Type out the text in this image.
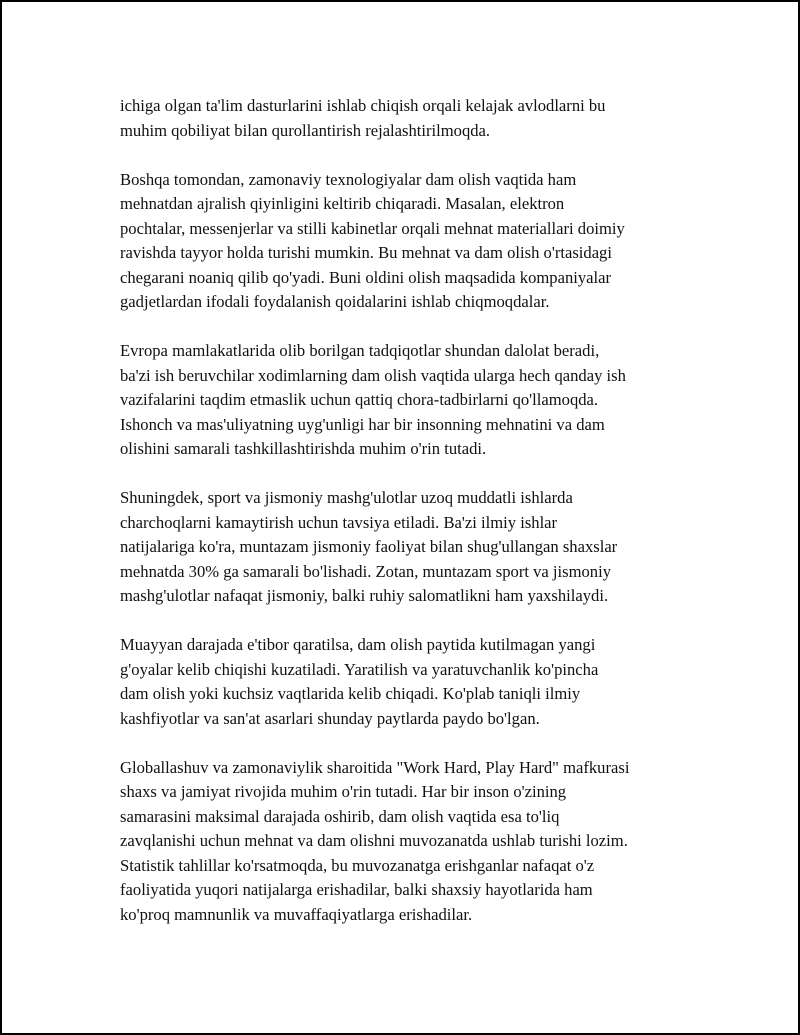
ichiga olgan ta'lim dasturlarini ishlab chiqish orqali kelajak avlodlarni bu
muhim qobiliyat bilan qurollantirish rejalashtirilmoqda.

Boshqa tomondan, zamonaviy texnologiyalar dam olish vaqtida ham
mehnatdan ajralish qiyinligini keltirib chiqaradi. Masalan, elektron
pochtalar, messenjerlar va stilli kabinetlar orqali mehnat materiallari doimiy
ravishda tayyor holda turishi mumkin. Bu mehnat va dam olish o'rtasidagi
chegarani noaniq qilib qo'yadi. Buni oldini olish maqsadida kompaniyalar
gadjetlardan ifodali foydalanish qoidalarini ishlab chiqmoqdalar.

Evropa mamlakatlarida olib borilgan tadqiqotlar shundan dalolat beradi,
ba'zi ish beruvchilar xodimlarning dam olish vaqtida ularga hech qanday ish
vazifalarini taqdim etmaslik uchun qattiq chora-tadbirlarni qo'llamoqda.
Ishonch va mas'uliyatning uyg'unligi har bir insonning mehnatini va dam
olishini samarali tashkillashtirishda muhim o'rin tutadi.

Shuningdek, sport va jismoniy mashg'ulotlar uzoq muddatli ishlarda
charchoqlarni kamaytirish uchun tavsiya etiladi. Ba'zi ilmiy ishlar
natijalariga ko'ra, muntazam jismoniy faoliyat bilan shug'ullangan shaxslar
mehnatda 30% ga samarali bo'lishadi. Zotan, muntazam sport va jismoniy
mashg'ulotlar nafaqat jismoniy, balki ruhiy salomatlikni ham yaxshilaydi.

Muayyan darajada e'tibor qaratilsa, dam olish paytida kutilmagan yangi
g'oyalar kelib chiqishi kuzatiladi. Yaratilish va yaratuvchanlik ko'pincha
dam olish yoki kuchsiz vaqtlarida kelib chiqadi. Ko'plab taniqli ilmiy
kashfiyotlar va san'at asarlari shunday paytlarda paydo bo'lgan.

Globallashuv va zamonaviylik sharoitida "Work Hard, Play Hard" mafkurasi
shaxs va jamiyat rivojida muhim o'rin tutadi. Har bir inson o'zining
samarasini maksimal darajada oshirib, dam olish vaqtida esa to'liq
zavqlanishi uchun mehnat va dam olishni muvozanatda ushlab turishi lozim.
Statistik tahlillar ko'rsatmoqda, bu muvozanatga erishganlar nafaqat o'z
faoliyatida yuqori natijalarga erishadilar, balki shaxsiy hayotlarida ham
ko'proq mamnunlik va muvaffaqiyatlarga erishadilar.
